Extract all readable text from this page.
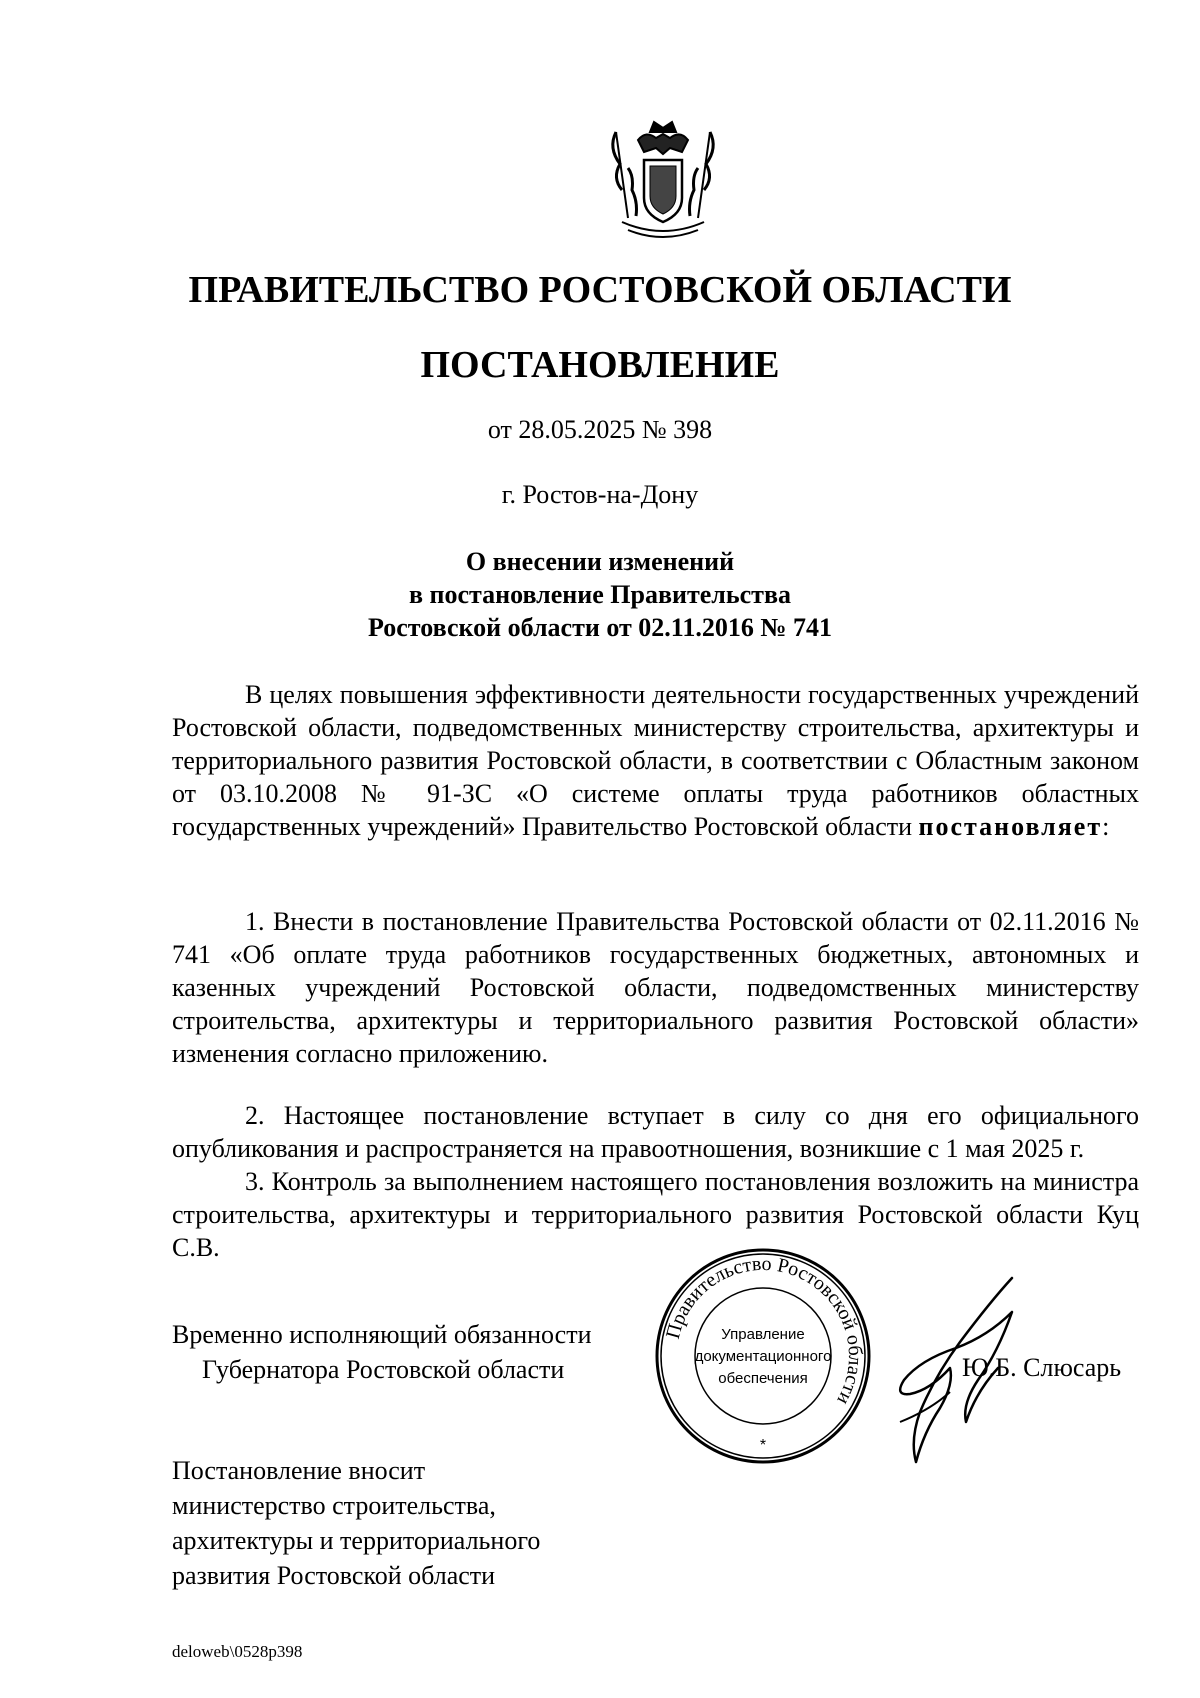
ПРАВИТЕЛЬСТВО РОСТОВСКОЙ ОБЛАСТИ
ПОСТАНОВЛЕНИЕ
от 28.05.2025 № 398
г. Ростов-на-Дону
О внесении изменений
в постановление Правительства
Ростовской области от 02.11.2016 № 741
В целях повышения эффективности деятельности государственных учреждений Ростовской области, подведомственных министерству строительства, архитектуры и территориального развития Ростовской области, в соответствии с Областным законом от 03.10.2008 № 91-ЗС «О системе оплаты труда работников областных государственных учреждений» Правительство Ростовской области постановляет:
1. Внести в постановление Правительства Ростовской области от 02.11.2016 № 741 «Об оплате труда работников государственных бюджетных, автономных и казенных учреждений Ростовской области, подведомственных министерству строительства, архитектуры и территориального развития Ростовской области» изменения согласно приложению.
2. Настоящее постановление вступает в силу со дня его официального опубликования и распространяется на правоотношения, возникшие с 1 мая 2025 г.
3. Контроль за выполнением настоящего постановления возложить на министра строительства, архитектуры и территориального развития Ростовской области Куц С.В.
Временно исполняющий обязанности
Губернатора Ростовской области
Правительство Ростовской области
Управление
документационного
обеспечения
*
Ю.Б. Слюсарь
Постановление вносит
министерство строительства,
архитектуры и территориального
развития Ростовской области
deloweb\0528p398
